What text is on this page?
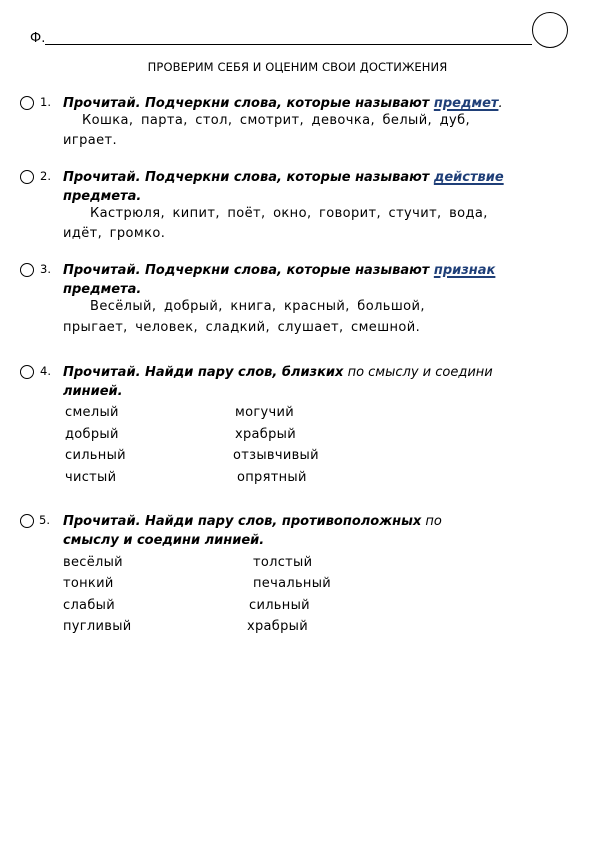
Ф.
ПРОВЕРИМ СЕБЯ И ОЦЕНИМ СВОИ ДОСТИЖЕНИЯ
1. Прочитай. Подчеркни слова, которые называют предмет.
Кошка, парта, стол, смотрит, девочка, белый, дуб,
играет.
2. Прочитай. Подчеркни слова, которые называют действие
предмета.
Кастрюля, кипит, поёт, окно, говорит, стучит, вода,
идёт, громко.
3. Прочитай. Подчеркни слова, которые называют признак
предмета.
Весёлый, добрый, книга, красный, большой,
прыгает, человек, сладкий, слушает, смешной.
4. Прочитай. Найди пару слов, близких по смыслу и соедини
линией.
смелый	могучий
добрый	храбрый
сильный	отзывчивый
чистый	опрятный
5. Прочитай. Найди пару слов, противоположных по
смыслу и соедини линией.
весёлый	толстый
тонкий	печальный
слабый	сильный
пугливый	храбрый
